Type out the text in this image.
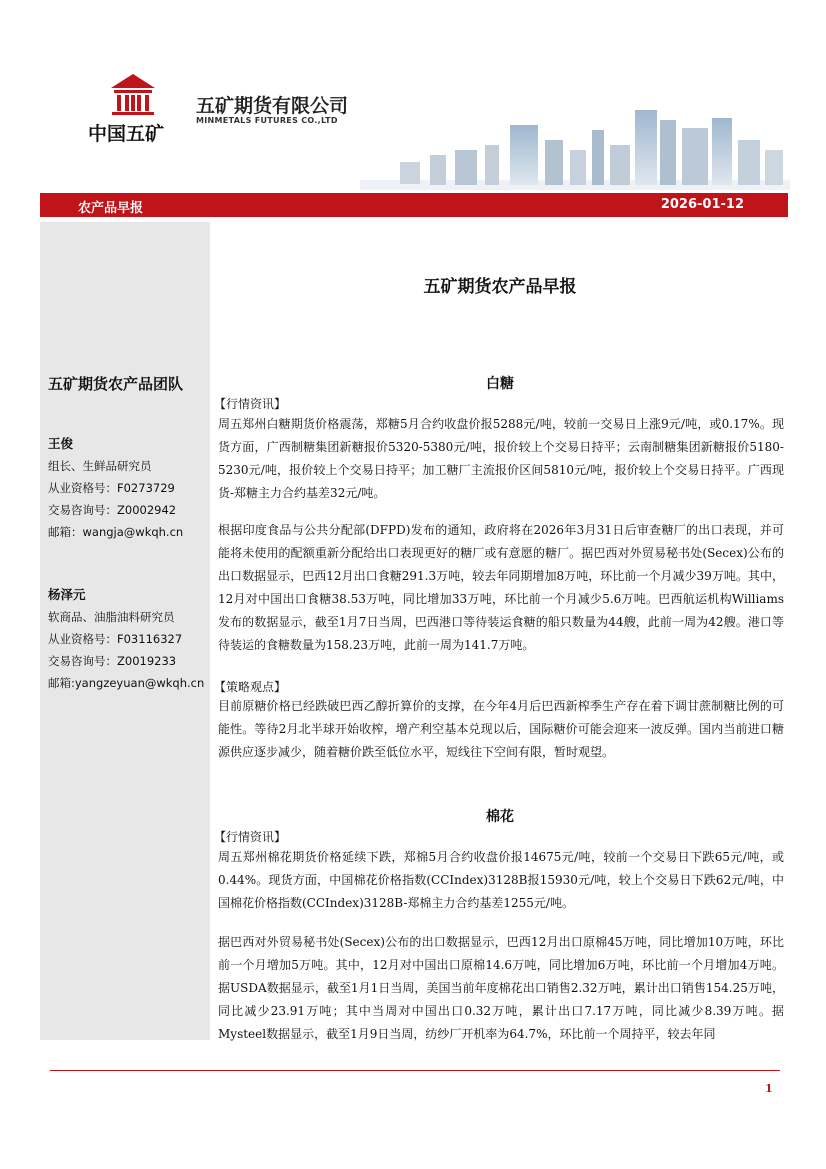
中国五矿
五矿期货有限公司
MINMETALS FUTURES CO.,LTD
农产品早报	2026-01-12
五矿期货农产品团队
王俊
组长、生鲜品研究员
从业资格号：F0273729
交易咨询号：Z0002942
邮箱：wangja@wkqh.cn
杨泽元
软商品、油脂油料研究员
从业资格号：F03116327
交易咨询号：Z0019233
邮箱:yangzeyuan@wkqh.cn
五矿期货农产品早报
白糖
【行情资讯】

周五郑州白糖期货价格震荡，郑糖5月合约收盘价报5288元/吨，较前一交易日上涨9元/吨，或0.17%。现货方面，广西制糖集团新糖报价5320-5380元/吨，报价较上个交易日持平；云南制糖集团新糖报价5180-5230元/吨，报价较上个交易日持平；加工糖厂主流报价区间5810元/吨，报价较上个交易日持平。广西现货-郑糖主力合约基差32元/吨。

根据印度食品与公共分配部(DFPD)发布的通知，政府将在2026年3月31日后审查糖厂的出口表现，并可能将未使用的配额重新分配给出口表现更好的糖厂或有意愿的糖厂。据巴西对外贸易秘书处(Secex)公布的出口数据显示，巴西12月出口食糖291.3万吨，较去年同期增加8万吨，环比前一个月减少39万吨。其中，12月对中国出口食糖38.53万吨，同比增加33万吨，环比前一个月减少5.6万吨。巴西航运机构Williams发布的数据显示，截至1月7日当周，巴西港口等待装运食糖的船只数量为44艘，此前一周为42艘。港口等待装运的食糖数量为158.23万吨，此前一周为141.7万吨。

【策略观点】

目前原糖价格已经跌破巴西乙醇折算价的支撑，在今年4月后巴西新榨季生产存在着下调甘蔗制糖比例的可能性。等待2月北半球开始收榨，增产利空基本兑现以后，国际糖价可能会迎来一波反弹。国内当前进口糖源供应逐步减少，随着糖价跌至低位水平，短线往下空间有限，暂时观望。

棉花
【行情资讯】

周五郑州棉花期货价格延续下跌，郑棉5月合约收盘价报14675元/吨，较前一个交易日下跌65元/吨，或0.44%。现货方面，中国棉花价格指数(CCIndex)3128B报15930元/吨，较上个交易日下跌62元/吨，中国棉花价格指数(CCIndex)3128B-郑棉主力合约基差1255元/吨。

据巴西对外贸易秘书处(Secex)公布的出口数据显示，巴西12月出口原棉45万吨，同比增加10万吨，环比前一个月增加5万吨。其中，12月对中国出口原棉14.6万吨，同比增加6万吨，环比前一个月增加4万吨。据USDA数据显示，截至1月1日当周，美国当前年度棉花出口销售2.32万吨，累计出口销售154.25万吨，同比减少23.91万吨；其中当周对中国出口0.32万吨，累计出口7.17万吨，同比减少8.39万吨。据Mysteel数据显示，截至1月9日当周，纺纱厂开机率为64.7%，环比前一个周持平，较去年同

1
